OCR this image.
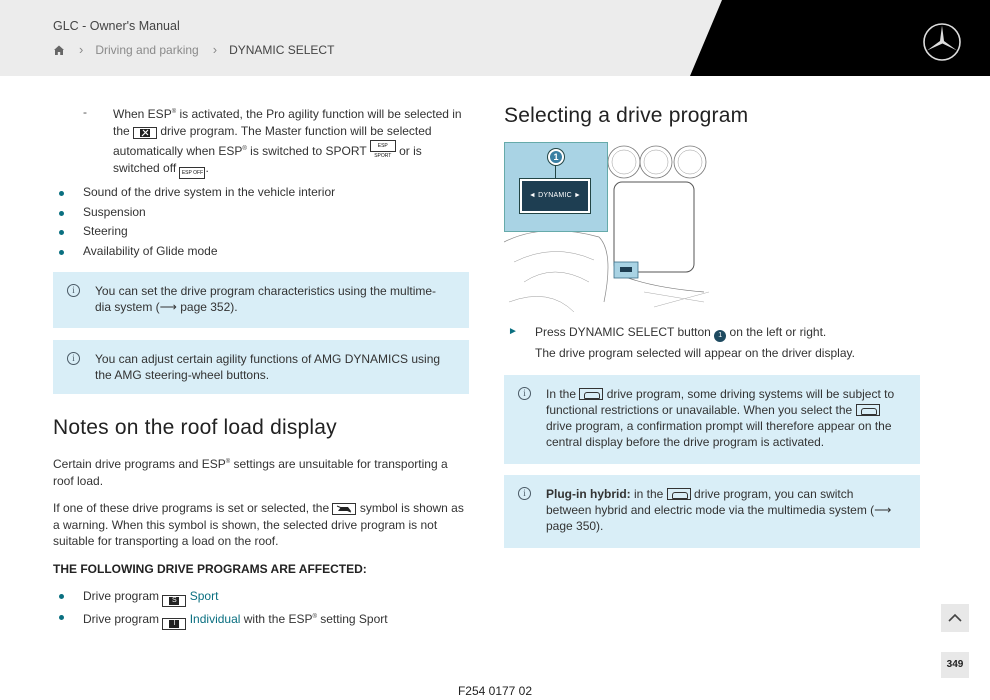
GLC - Owner's Manual
› Driving and parking › DYNAMIC SELECT
- When ESP® is activated, the Pro agility function will be selected in the  drive program. The Master function will be selected automatically when ESP® is switched to SPORT ESP SPORT or is switched off ESP OFF .
Sound of the drive system in the vehicle interior
Suspension
Steering
Availability of Glide mode
i	You can set the drive program characteristics using the multime-dia system (⟶ page 352).
i	You can adjust certain agility functions of AMG DYNAMICS using the AMG steering-wheel buttons.
Notes on the roof load display

Certain drive programs and ESP® settings are unsuitable for transporting a roof load.

If one of these drive programs is set or selected, the  symbol is shown as a warning. When this symbol is shown, the selected drive program is not suitable for transporting a load on the roof.

THE FOLLOWING DRIVE PROGRAMS ARE AFFECTED:
Drive program S Sport
Drive program I Individual with the ESP® setting Sport
Selecting a drive program
1
◄ DYNAMIC ►
► Press DYNAMIC SELECT button 1 on the left or right.
The drive program selected will appear on the driver display.
i	In the  drive program, some driving systems will be subject to functional restrictions or unavailable. When you select the  drive program, a confirmation prompt will therefore appear on the central display before the drive program is activated.
i	Plug-in hybrid: in the  drive program, you can switch between hybrid and electric mode via the multimedia system (⟶ page 350).
349
F254 0177 02
